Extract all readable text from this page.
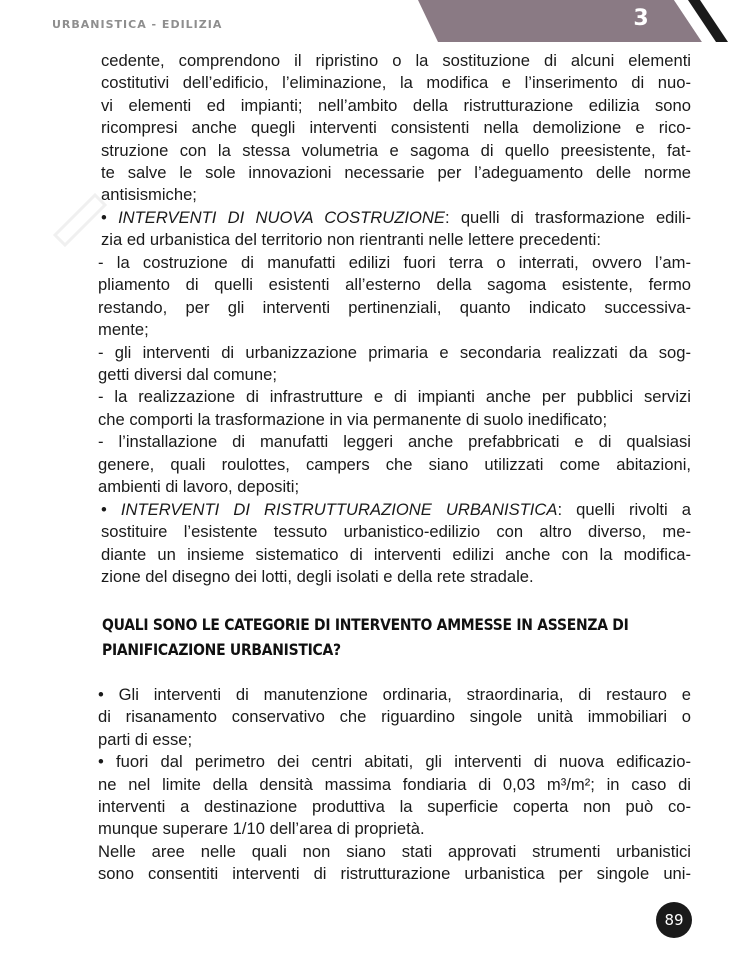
URBANISTICA - EDILIZIA	3
cedente, comprendono il ripristino o la sostituzione di alcuni elementi
costitutivi dell’edificio, l’eliminazione, la modifica e l’inserimento di nuo-
vi elementi ed impianti; nell’ambito della ristrutturazione edilizia sono
ricompresi anche quegli interventi consistenti nella demolizione e rico-
struzione con la stessa volumetria e sagoma di quello preesistente, fat-
te salve le sole innovazioni necessarie per l’adeguamento delle norme
antisismiche;
• INTERVENTI DI NUOVA COSTRUZIONE: quelli di trasformazione edili-
zia ed urbanistica del territorio non rientranti nelle lettere precedenti:
- la costruzione di manufatti edilizi fuori terra o interrati, ovvero l’am-
pliamento di quelli esistenti all’esterno della sagoma esistente, fermo
restando, per gli interventi pertinenziali, quanto indicato successiva-
mente;
- gli interventi di urbanizzazione primaria e secondaria realizzati da sog-
getti diversi dal comune;
- la realizzazione di infrastrutture e di impianti anche per pubblici servizi
che comporti la trasformazione in via permanente di suolo inedificato;
- l’installazione di manufatti leggeri anche prefabbricati e di qualsiasi
genere, quali roulottes, campers che siano utilizzati come abitazioni,
ambienti di lavoro, depositi;
• INTERVENTI DI RISTRUTTURAZIONE URBANISTICA: quelli rivolti a
sostituire l’esistente tessuto urbanistico-edilizio con altro diverso, me-
diante un insieme sistematico di interventi edilizi anche con la modifica-
zione del disegno dei lotti, degli isolati e della rete stradale.
QUALI SONO LE CATEGORIE DI INTERVENTO AMMESSE IN ASSENZA DI
PIANIFICAZIONE URBANISTICA?
• Gli interventi di manutenzione ordinaria, straordinaria, di restauro e
di risanamento conservativo che riguardino singole unità immobiliari o
parti di esse;
• fuori dal perimetro dei centri abitati, gli interventi di nuova edificazio-
ne nel limite della densità massima fondiaria di 0,03 m³/m²; in caso di
interventi a destinazione produttiva la superficie coperta non può co-
munque superare 1/10 dell’area di proprietà.
Nelle aree nelle quali non siano stati approvati strumenti urbanistici
sono consentiti interventi di ristrutturazione urbanistica per singole uni-
89
